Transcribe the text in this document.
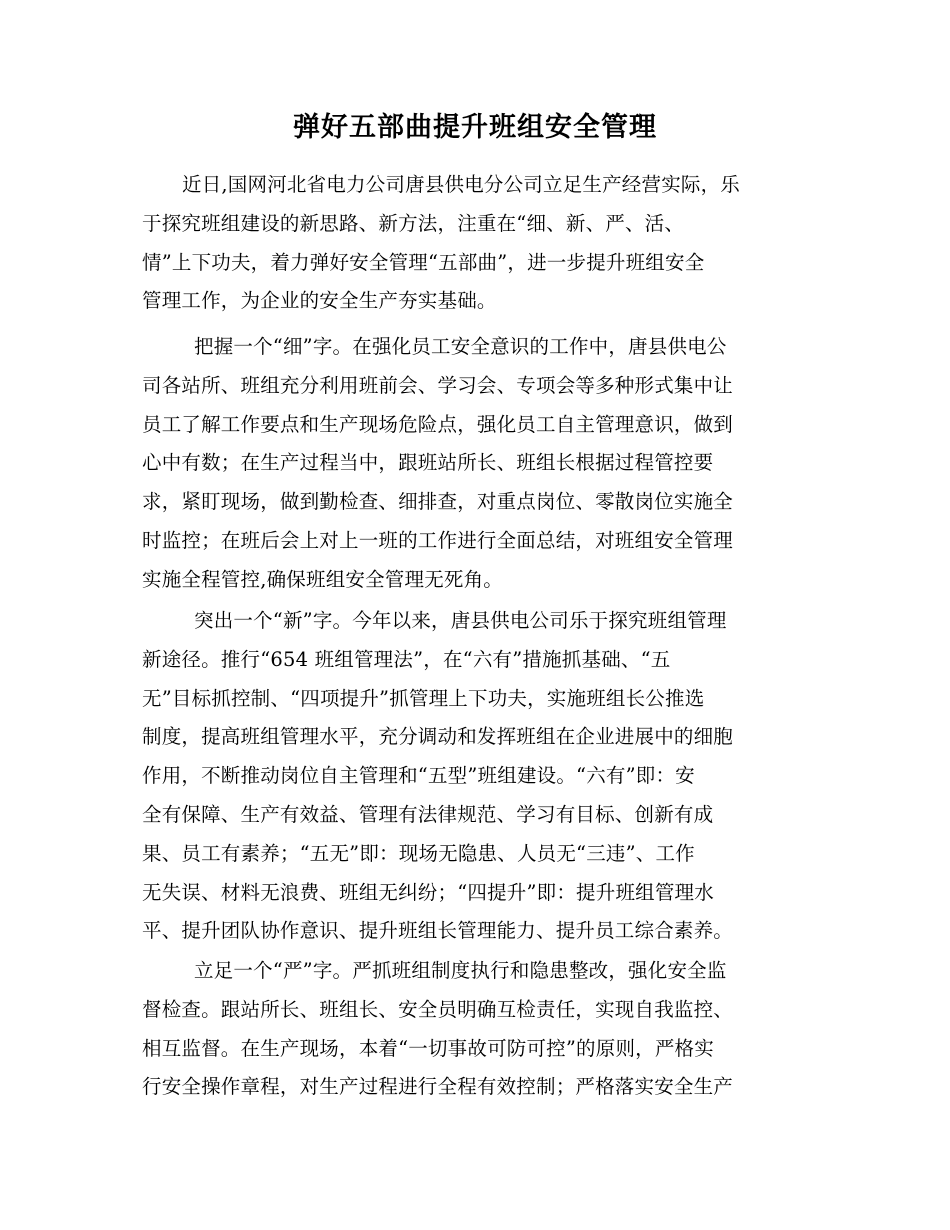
弹好五部曲提升班组安全管理
近日,国网河北省电力公司唐县供电分公司立足生产经营实际，乐
于探究班组建设的新思路、新方法，注重在“细、新、严、活、
情”上下功夫，着力弹好安全管理“五部曲”，进一步提升班组安全
管理工作，为企业的安全生产夯实基础。
把握一个“细”字。在强化员工安全意识的工作中，唐县供电公
司各站所、班组充分利用班前会、学习会、专项会等多种形式集中让
员工了解工作要点和生产现场危险点，强化员工自主管理意识，做到
心中有数；在生产过程当中，跟班站所长、班组长根据过程管控要
求，紧盯现场，做到勤检查、细排查，对重点岗位、零散岗位实施全
时监控；在班后会上对上一班的工作进行全面总结，对班组安全管理
实施全程管控,确保班组安全管理无死角。
突出一个“新”字。今年以来，唐县供电公司乐于探究班组管理
新途径。推行“654 班组管理法”，在“六有”措施抓基础、“五
无”目标抓控制、“四项提升”抓管理上下功夫，实施班组长公推选
制度，提高班组管理水平，充分调动和发挥班组在企业进展中的细胞
作用，不断推动岗位自主管理和“五型”班组建设。“六有”即：安
全有保障、生产有效益、管理有法律规范、学习有目标、创新有成
果、员工有素养；“五无”即：现场无隐患、人员无“三违”、工作
无失误、材料无浪费、班组无纠纷；“四提升”即：提升班组管理水
平、提升团队协作意识、提升班组长管理能力、提升员工综合素养。
立足一个“严”字。严抓班组制度执行和隐患整改，强化安全监
督检查。跟站所长、班组长、安全员明确互检责任，实现自我监控、
相互监督。在生产现场，本着“一切事故可防可控”的原则，严格实
行安全操作章程，对生产过程进行全程有效控制；严格落实安全生产
